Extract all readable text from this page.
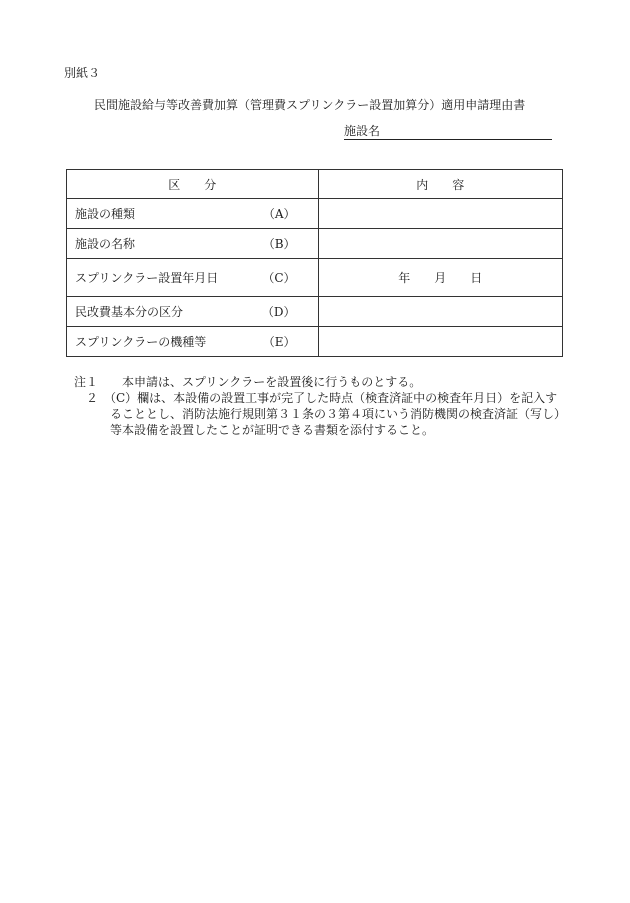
別紙３
民間施設給与等改善費加算（管理費スプリンクラー設置加算分）適用申請理由書
施設名
区　　分	内　　容

施設の種類 （A）	

施設の名称 （B）	

スプリンクラー設置年月日 （C）	年　　月　　日

民改費基本分の区分 （D）	

スプリンクラーの機種等 （E）	

注１　　本申請は、スプリンクラーを設置後に行うものとする。
　２　（C）欄は、本設備の設置工事が完了した時点（検査済証中の検査年月日）を記入す
ることとし、消防法施行規則第３１条の３第４項にいう消防機関の検査済証（写し）
等本設備を設置したことが証明できる書類を添付すること。
